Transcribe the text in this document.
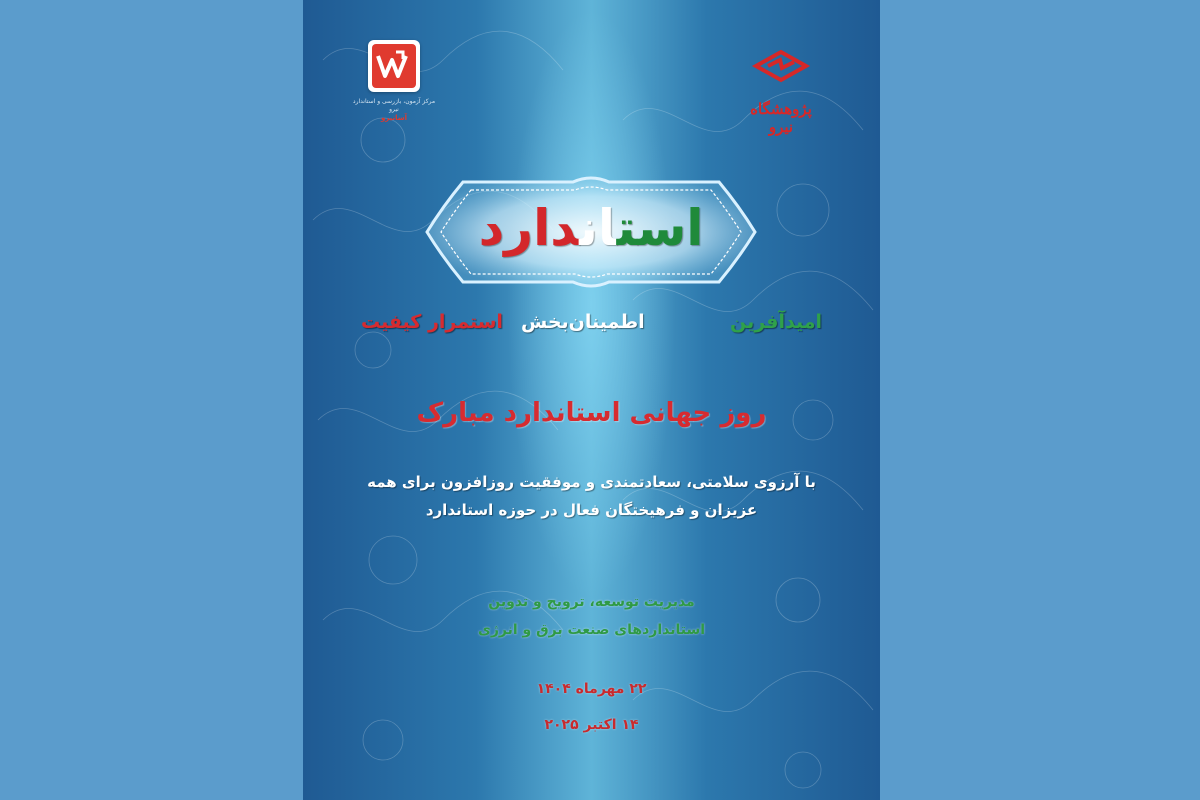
مرکز آزمون، بازرسی و استاندارد نیرو
آسانیرو	پژوهشگاه نیرو
استاندارد
امیدآفرین
اطمینان‌بخش
استمرار کیفیت
روز جهانی استاندارد مبارک
با آرزوی سلامتی، سعادتمندی و موفقیت روزافزون برای همه
عزیزان و فرهیختگان فعال در حوزه استاندارد
مدیریت توسعه، ترویج و تدوین
استانداردهای صنعت برق و انرژی
۲۲ مهرماه ۱۴۰۴
۱۴ اکتبر ۲۰۲۵
